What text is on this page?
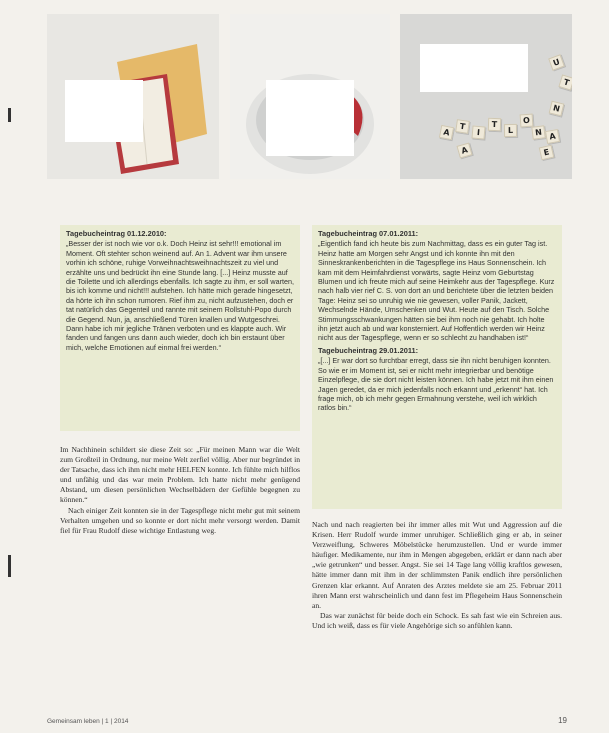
U
T
N
A
T
I
T
L
O
N A
E
A

Tagebucheintrag 01.12.2010:

„Besser der ist noch wie vor o.k. Doch Heinz ist sehr!!! emotional im Moment. Oft stehter schon weinend auf. An 1. Advent war ihm unsere vorhin ich schöne, ruhige Vorweihnachtsweihnachtszeit zu viel und erzählte uns und bedrückt ihn eine Stunde lang. [...] Heinz musste auf die Toilette und ich allerdings ebenfalls. Ich sagte zu ihm, er soll warten, bis ich komme und nicht!!! aufstehen. Ich hätte mich gerade hingesetzt, da hörte ich ihn schon rumoren. Rief ihm zu, nicht aufzustehen, doch er tat natürlich das Gegenteil und rannte mit seinem Rollstuhl-Popo durch die Gegend. Nun, ja, anschließend Türen knallen und Wutgeschrei. Dann habe ich mir jegliche Tränen verboten und es klappte auch. Wir fanden und fangen uns dann auch wieder, doch ich bin erstaunt über mich, welche Emotionen auf einmal frei werden.“

Tagebucheintrag 07.01.2011:

„Eigentlich fand ich heute bis zum Nachmittag, dass es ein guter Tag ist. Heinz hatte am Morgen sehr Angst und ich konnte ihn mit den Sinneskrankenberichten in die Tagespflege ins Haus Sonnenschein. Ich kam mit dem Heimfahrdienst vorwärts, sagte Heinz vom Geburtstag Blumen und ich freute mich auf seine Heimkehr aus der Tagespflege. Kurz nach halb vier rief C. S. von dort an und berichtete über die letzten beiden Tage: Heinz sei so unruhig wie nie gewesen, voller Panik, Jackett, Wechselnde Hände, Umschenken und Wut. Heute auf den Tisch. Solche Stimmungsschwankungen hätten sie bei ihm noch nie gehabt. Ich holte ihn jetzt auch ab und war konsterniert. Auf Hoffentlich werden wir Heinz nicht aus der Tagespflege, wenn er so schlecht zu handhaben ist!“

Tagebucheintrag 29.01.2011:

„[...] Er war dort so furchtbar erregt, dass sie ihn nicht beruhigen konnten. So wie er im Moment ist, sei er nicht mehr integrierbar und benötige Einzelpflege, die sie dort nicht leisten können. Ich habe jetzt mit ihm einen Jagen geredet, da er mich jedenfalls noch erkannt und „erkennt“ hat. Ich frage mich, ob ich mehr gegen Ermahnung verstehe, weil ich wirklich ratlos bin.“

Im Nachhinein schildert sie diese Zeit so: „Für meinen Mann war die Welt zum Großteil in Ordnung, nur meine Welt zerfiel völlig. Aber nur begründet in der Tatsache, dass ich ihm nicht mehr HELFEN konnte. Ich fühlte mich hilflos und unfähig und das war mein Problem. Ich hatte nicht mehr genügend Abstand, um diesen persönlichen Wechselbädern der Gefühle begegnen zu können.“

Nach einiger Zeit konnten sie in der Tagespflege nicht mehr gut mit seinem Verhalten umgehen und so konnte er dort nicht mehr versorgt werden. Damit fiel für Frau Rudolf diese wichtige Entlastung weg.

Nach und nach reagierten bei ihr immer alles mit Wut und Aggression auf die Krisen. Herr Rudolf wurde immer unruhiger. Schließlich ging er ab, in seiner Verzweiflung, Schweres Möbelstücke herumzustellen. Und er wurde immer häufiger. Medikamente, nur ihm in Mengen abgegeben, erklärt er dann nach aber „wie getrunken“ und besser. Angst. Sie sei 14 Tage lang völlig kraftlos gewesen, hätte immer dann mit ihm in der schlimmsten Panik endlich ihre persönlichen Grenzen klar erkannt. Auf Anraten des Arztes meldete sie am 25. Februar 2011 ihren Mann erst wahrscheinlich und dann fest im Pflegeheim Haus Sonnenschein an.

Das war zunächst für beide doch ein Schock. Es sah fast wie ein Schreien aus. Und ich weiß, dass es für viele Angehörige sich so anfühlen kann.

Gemeinsam leben | 1 | 2014	19
